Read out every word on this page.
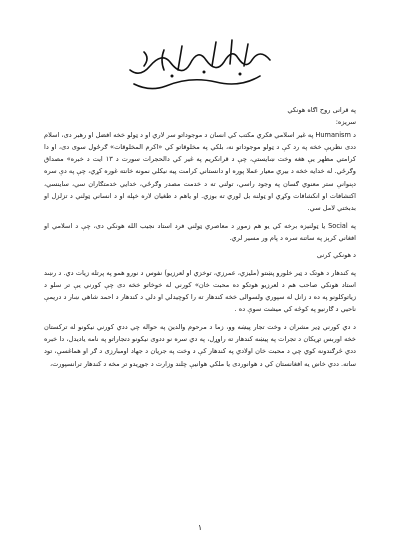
په قرانی روح اګاه هونکي

سریزه:

د Humanism په غیر اسلامي فکري مکتب کي انسان د موجوداتو سر لاري او د ټولو خخه افضل او رهبر دی، اسلام ددی نظریې خخه په رد کې د ټولو موجوداتو نه، بلکي په مخلوقاتو کي «اکرم المخلوقات» ګرځول سوی دی، او دا کرامتي مظهر یې هغه وخت ښایستې، چې د قرانکریم په غیر کي دالحجرات سورت د ۱۳ ایت د خبره» مصداق وګرځي. له خدایه خخه د بیري معیار عملا پوره او دانستاني کرامت پیه نیکلي نمونه خانته غوره کړي، چې په دې سره دېنوانې ستر معنوي ګسان په وجود راسي، تولني ته د خدمت مصدر وګرځي، خدایي خدمتګاران سي، ساینسي، اکتشافات او انکشافات وکړي او ټولنه بل لوري ته بوزي. او یاهم د طغیان لاره خپله او د انساني ټولني د تزلزل او بدبختي لامل سي.

په Social یا ټولنیزه برخه کي یو هم زموږ د معاصري ټولني فرد استاد نجیب الله هونکي دی، چې د اسلامي او افغاني کرېز په ساتنه سره د پام ور مسیر لري.

د هونکي کرنی

په کندهار د هوتک د ټبر خلورو پښتو (ملیزي، عمرزي، توخزي او لعرزیو) نفوس د نورو همو په پرتله زیات دي. د رښد استاد هونکي صاحب هم د لعرزیو هوتکو ده محبت خان» کورني له خوخاتو خخه دی چې کورني یې تر سلو د زیاتوکلونو په ده د زانل له سپوري ولسوالی خخه کندهار ته را کوچیدلي او دلي د کندهار د احمد شاهي ښار د دریمې ناحیي د ګارنیو په کوڅه کي میشت سوې ده .

د دي کورني ډیر مشران د وخت تجار پیښه وو، زما د مرحوم والدین په حواله چي ددي کورني نیکونو له ترکستان خخه اوربس تړیکان د تجرات په پیښه کندهار ته راوړل، په دي سره نو ددوی نیکونو دتجاراتو په نامه یادیدل، دا خبره ددي څرګندونه کوي چي د محبت خان اولادي په کندهار کې د وخت په جریان د جهاد اومبارزی د ګر او هماغسې، تود ساته. ددي خاښ یه افغانستان کي د هوانوردی یا ملکي هوانیې چلند وزارت د جوړیدو تر مخه د کندهار ترانسپورت،

۱
